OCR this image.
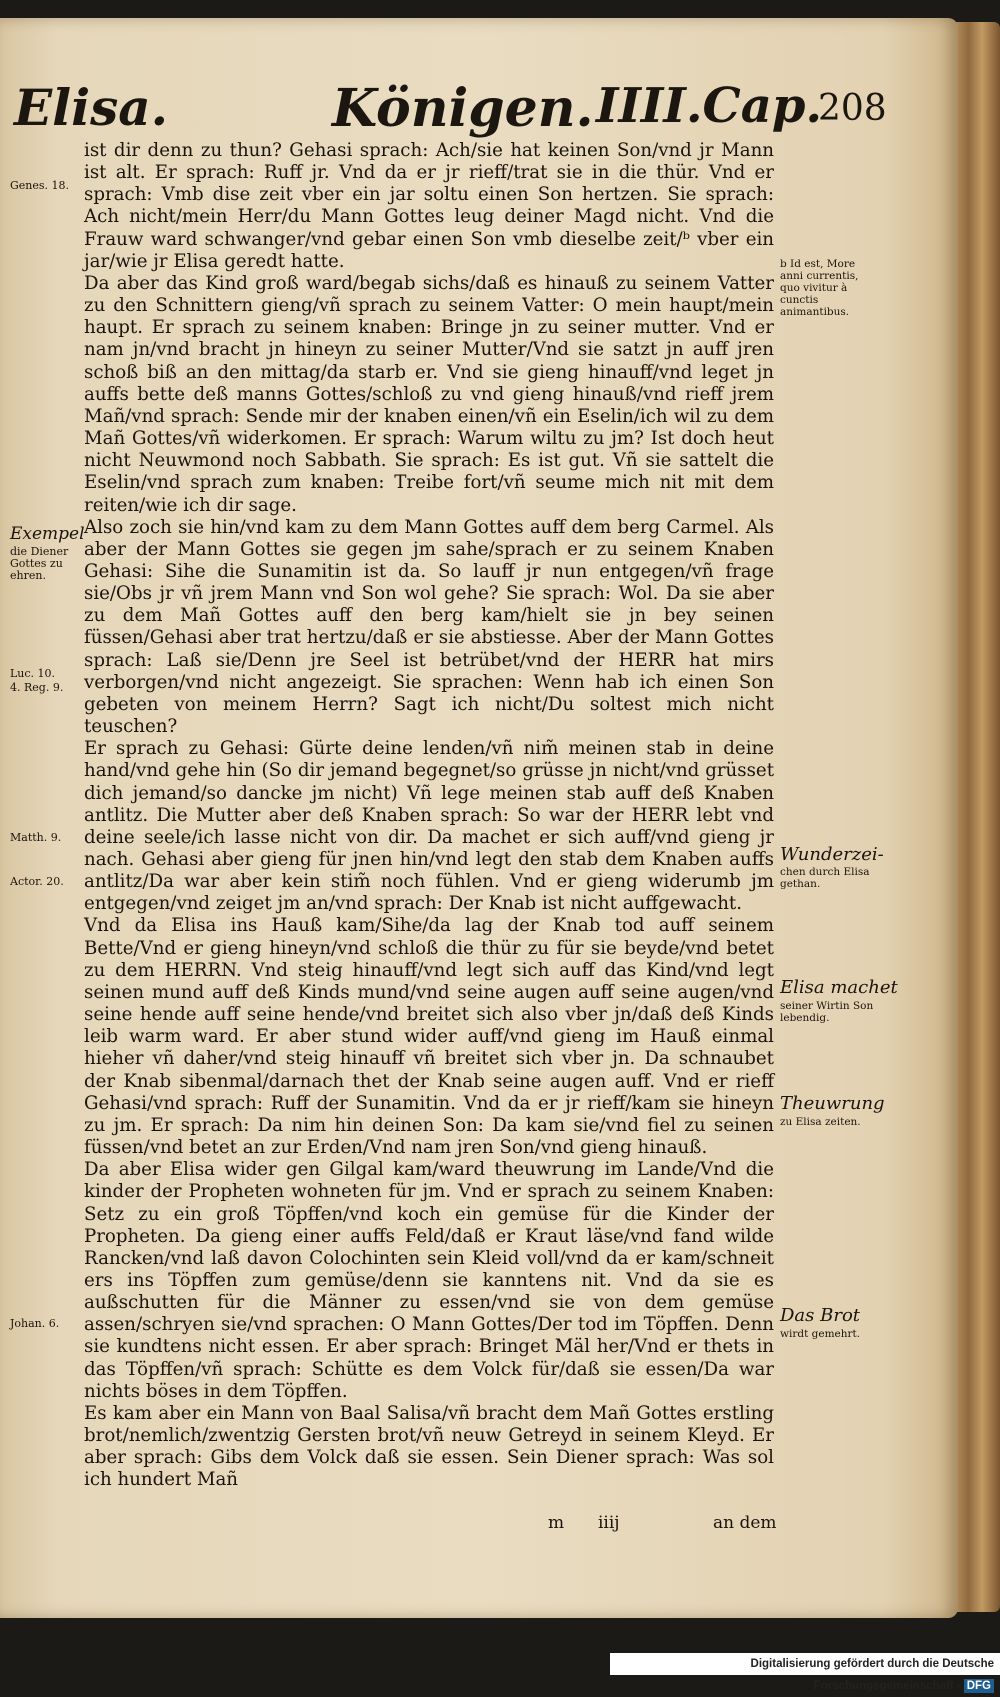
Elisa.	Königen. IIII.Cap.
208

ist dir denn zu thun? Gehasi sprach: Ach/sie hat keinen Son/vnd jr Mann ist alt. Er sprach: Ruff jr. Vnd da er jr rieff/trat sie in die thür. Vnd er sprach: Vmb dise zeit vber ein jar soltu einen Son hertzen. Sie sprach: Ach nicht/mein Herr/du Mann Gottes leug deiner Magd nicht. Vnd die Frauw ward schwanger/vnd gebar einen Son vmb dieselbe zeit/ᵇ vber ein jar/wie jr Elisa geredt hatte.

Da aber das Kind groß ward/begab sichs/daß es hinauß zu seinem Vatter zu den Schnittern gieng/vñ sprach zu seinem Vatter: O mein haupt/mein haupt. Er sprach zu seinem knaben: Bringe jn zu seiner mutter. Vnd er nam jn/vnd bracht jn hineyn zu seiner Mutter/Vnd sie satzt jn auff jren schoß biß an den mittag/da starb er. Vnd sie gieng hinauff/vnd leget jn auffs bette deß manns Gottes/schloß zu vnd gieng hinauß/vnd rieff jrem Mañ/vnd sprach: Sende mir der knaben einen/vñ ein Eselin/ich wil zu dem Mañ Gottes/vñ widerkomen. Er sprach: Warum wiltu zu jm? Ist doch heut nicht Neuwmond noch Sabbath. Sie sprach: Es ist gut. Vñ sie sattelt die Eselin/vnd sprach zum knaben: Treibe fort/vñ seume mich nit mit dem reiten/wie ich dir sage.

Also zoch sie hin/vnd kam zu dem Mann Gottes auff dem berg Carmel. Als aber der Mann Gottes sie gegen jm sahe/sprach er zu seinem Knaben Gehasi: Sihe die Sunamitin ist da. So lauff jr nun entgegen/vñ frage sie/Obs jr vñ jrem Mann vnd Son wol gehe? Sie sprach: Wol. Da sie aber zu dem Mañ Gottes auff den berg kam/hielt sie jn bey seinen füssen/Gehasi aber trat hertzu/daß er sie abstiesse. Aber der Mann Gottes sprach: Laß sie/Denn jre Seel ist betrübet/vnd der HERR hat mirs verborgen/vnd nicht angezeigt. Sie sprachen: Wenn hab ich einen Son gebeten von meinem Herrn? Sagt ich nicht/Du soltest mich nicht teuschen?

Er sprach zu Gehasi: Gürte deine lenden/vñ nim̃ meinen stab in deine hand/vnd gehe hin (So dir jemand begegnet/so grüsse jn nicht/vnd grüsset dich jemand/so dancke jm nicht) Vñ lege meinen stab auff deß Knaben antlitz. Die Mutter aber deß Knaben sprach: So war der HERR lebt vnd deine seele/ich lasse nicht von dir. Da machet er sich auff/vnd gieng jr nach. Gehasi aber gieng für jnen hin/vnd legt den stab dem Knaben auffs antlitz/Da war aber kein stim̃ noch fühlen. Vnd er gieng widerumb jm entgegen/vnd zeiget jm an/vnd sprach: Der Knab ist nicht auffgewacht.

Vnd da Elisa ins Hauß kam/Sihe/da lag der Knab tod auff seinem Bette/Vnd er gieng hineyn/vnd schloß die thür zu für sie beyde/vnd betet zu dem HERRN. Vnd steig hinauff/vnd legt sich auff das Kind/vnd legt seinen mund auff deß Kinds mund/vnd seine augen auff seine augen/vnd seine hende auff seine hende/vnd breitet sich also vber jn/daß deß Kinds leib warm ward. Er aber stund wider auff/vnd gieng im Hauß einmal hieher vñ daher/vnd steig hinauff vñ breitet sich vber jn. Da schnaubet der Knab sibenmal/darnach thet der Knab seine augen auff. Vnd er rieff Gehasi/vnd sprach: Ruff der Sunamitin. Vnd da er jr rieff/kam sie hineyn zu jm. Er sprach: Da nim hin deinen Son: Da kam sie/vnd fiel zu seinen füssen/vnd betet an zur Erden/Vnd nam jren Son/vnd gieng hinauß.

Da aber Elisa wider gen Gilgal kam/ward theuwrung im Lande/Vnd die kinder der Propheten wohneten für jm. Vnd er sprach zu seinem Knaben: Setz zu ein groß Töpffen/vnd koch ein gemüse für die Kinder der Propheten. Da gieng einer auffs Feld/daß er Kraut läse/vnd fand wilde Rancken/vnd laß davon Colochinten sein Kleid voll/vnd da er kam/schneit ers ins Töpffen zum gemüse/denn sie kanntens nit. Vnd da sie es außschutten für die Männer zu essen/vnd sie von dem gemüse assen/schryen sie/vnd sprachen: O Mann Gottes/Der tod im Töpffen. Denn sie kundtens nicht essen. Er aber sprach: Bringet Mäl her/Vnd er thets in das Töpffen/vñ sprach: Schütte es dem Volck für/daß sie essen/Da war nichts böses in dem Töpffen.

Es kam aber ein Mann von Baal Salisa/vñ bracht dem Mañ Gottes erstling brot/nemlich/zwentzig Gersten brot/vñ neuw Getreyd in seinem Kleyd. Er aber sprach: Gibs dem Volck daß sie essen. Sein Diener sprach: Was sol ich hundert Mañ

Genes. 18.
Exempel
die Diener Gottes zu ehren.
Luc. 10.
4. Reg. 9.
Matth. 9.
Actor. 20.
Johan. 6.
b Id est, More anni currentis, quo vivitur à cunctis animantibus.
Wunderzei-
chen durch Elisa gethan.
Elisa machet
seiner Wirtin Son lebendig.
Theuwrung
zu Elisa zeiten.
Das Brot
wirdt gemehrt.
m iiij	an dem
Digitalisierung gefördert durch die Deutsche Forschungsgemeinschaft - DFG
